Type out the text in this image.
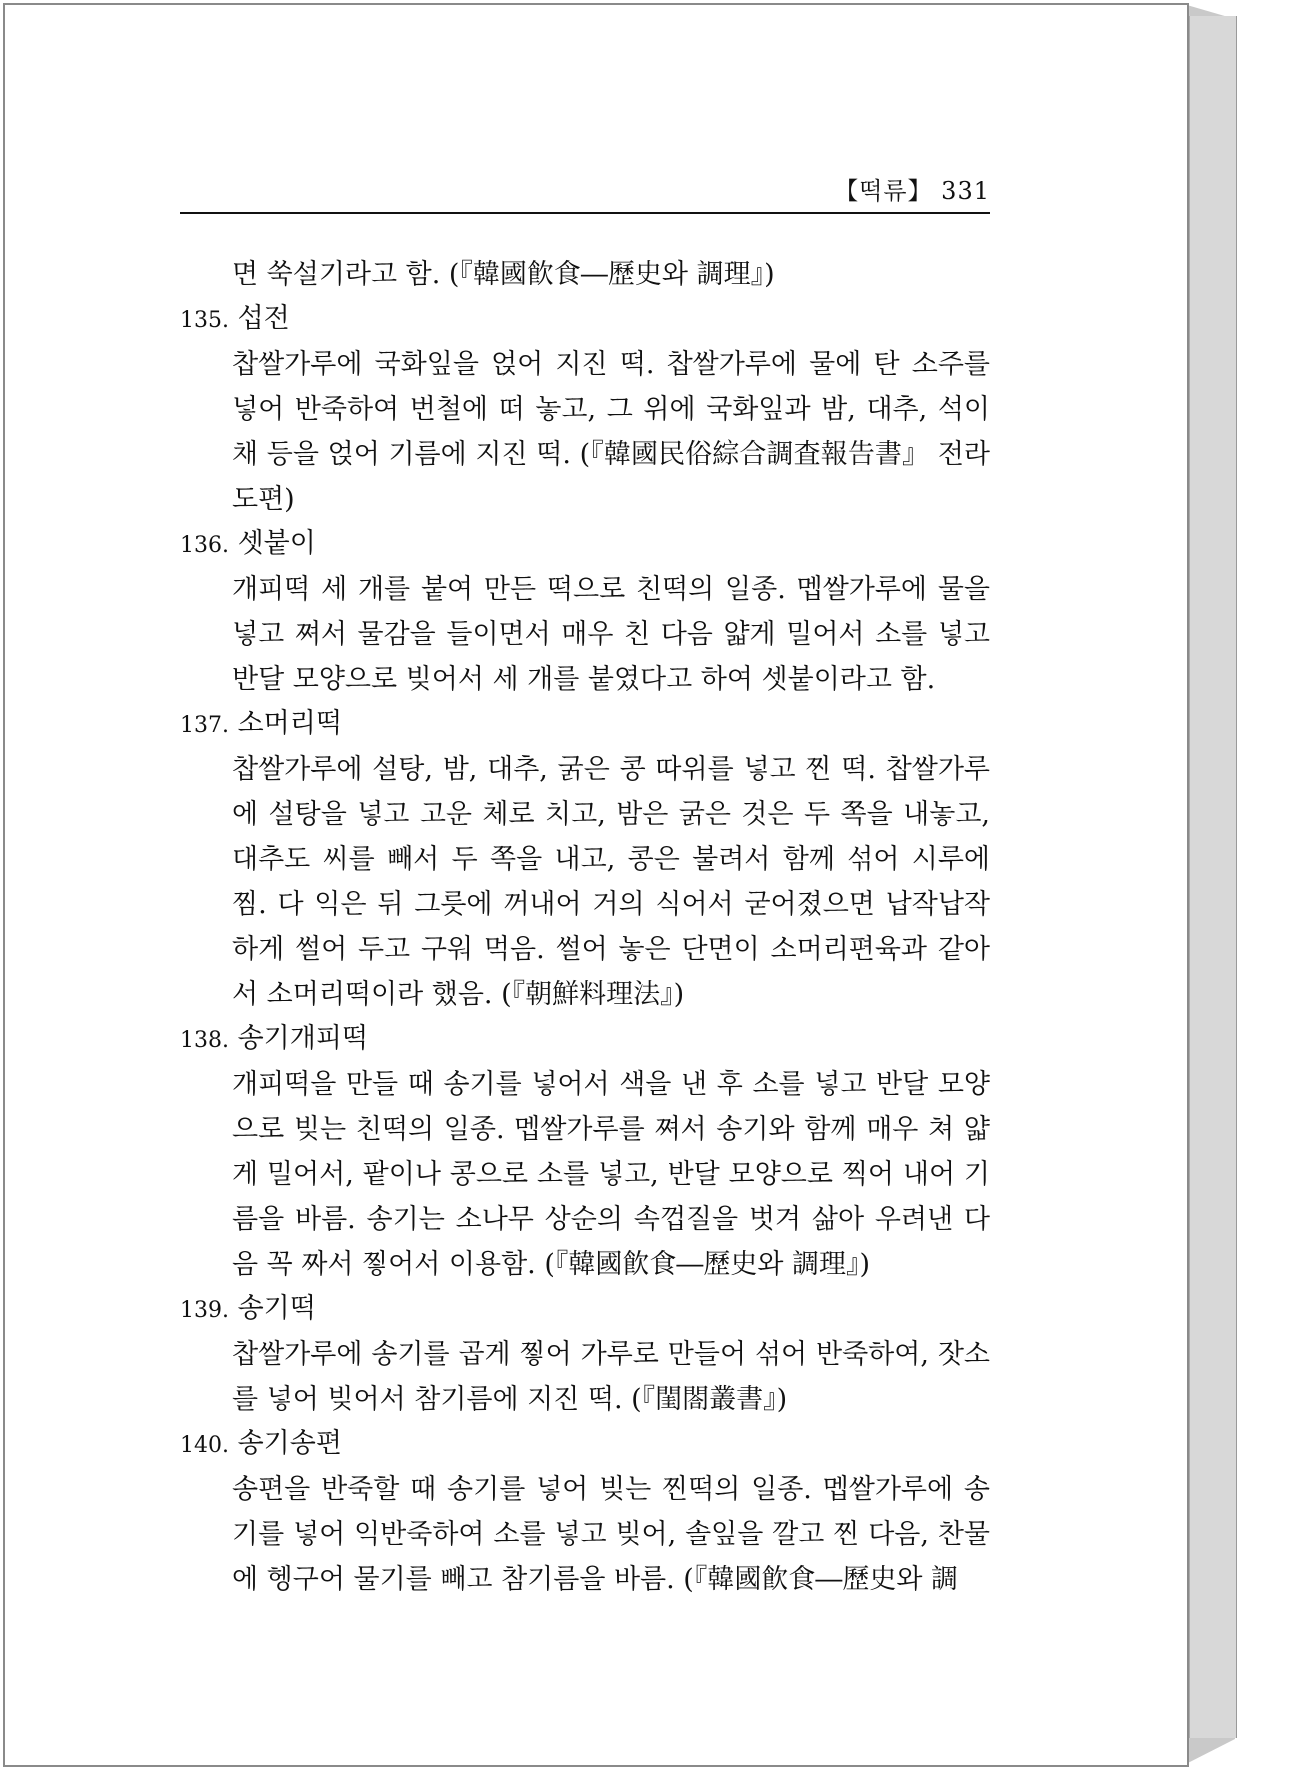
【떡류】 331
면 쑥설기라고 함. (『韓國飮食―歷史와 調理』)
135. 섭전
찹쌀가루에 국화잎을 얹어 지진 떡. 찹쌀가루에 물에 탄 소주를 넣어 반죽하여 번철에 떠 놓고, 그 위에 국화잎과 밤, 대추, 석이채 등을 얹어 기름에 지진 떡. (『韓國民俗綜合調査報告書』 전라도편)
136. 셋붙이
개피떡 세 개를 붙여 만든 떡으로 친떡의 일종. 멥쌀가루에 물을 넣고 쪄서 물감을 들이면서 매우 친 다음 얇게 밀어서 소를 넣고 반달 모양으로 빚어서 세 개를 붙였다고 하여 셋붙이라고 함.
137. 소머리떡
찹쌀가루에 설탕, 밤, 대추, 굵은 콩 따위를 넣고 찐 떡. 찹쌀가루에 설탕을 넣고 고운 체로 치고, 밤은 굵은 것은 두 쪽을 내놓고, 대추도 씨를 빼서 두 쪽을 내고, 콩은 불려서 함께 섞어 시루에 찜. 다 익은 뒤 그릇에 꺼내어 거의 식어서 굳어졌으면 납작납작하게 썰어 두고 구워 먹음. 썰어 놓은 단면이 소머리편육과 같아서 소머리떡이라 했음. (『朝鮮料理法』)
138. 송기개피떡
개피떡을 만들 때 송기를 넣어서 색을 낸 후 소를 넣고 반달 모양으로 빚는 친떡의 일종. 멥쌀가루를 쪄서 송기와 함께 매우 쳐 얇게 밀어서, 팥이나 콩으로 소를 넣고, 반달 모양으로 찍어 내어 기름을 바름. 송기는 소나무 상순의 속껍질을 벗겨 삶아 우려낸 다음 꼭 짜서 찧어서 이용함. (『韓國飮食―歷史와 調理』)
139. 송기떡
찹쌀가루에 송기를 곱게 찧어 가루로 만들어 섞어 반죽하여, 잣소를 넣어 빚어서 참기름에 지진 떡. (『閨閤叢書』)
140. 송기송편
송편을 반죽할 때 송기를 넣어 빚는 찐떡의 일종. 멥쌀가루에 송기를 넣어 익반죽하여 소를 넣고 빚어, 솔잎을 깔고 찐 다음, 찬물에 헹구어 물기를 빼고 참기름을 바름. (『韓國飮食―歷史와 調
